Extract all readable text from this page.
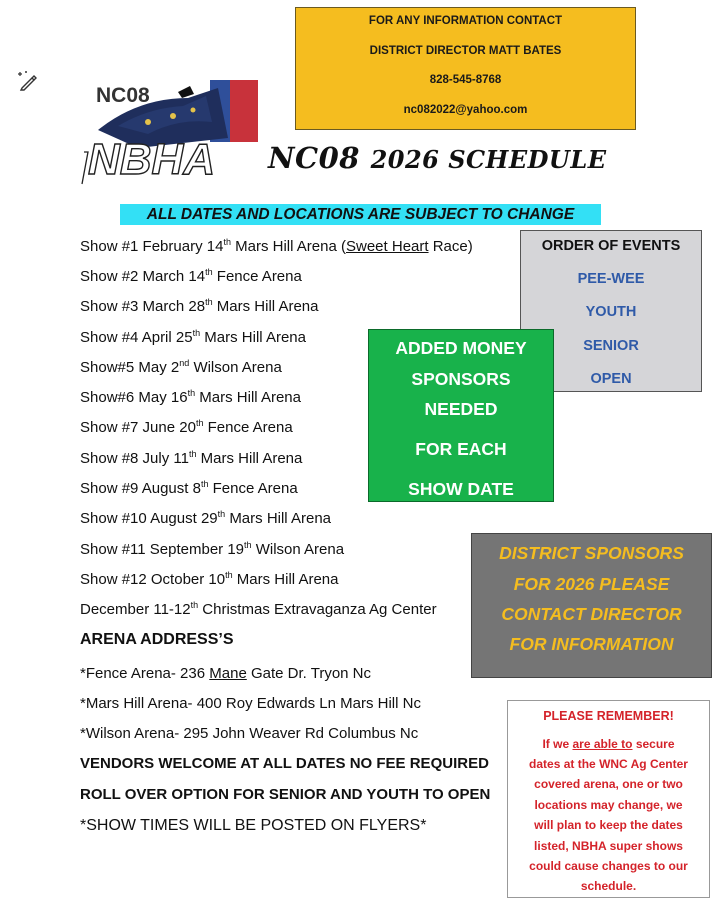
FOR ANY INFORMATION CONTACT
DISTRICT DIRECTOR MATT BATES
828-545-8768
nc082022@yahoo.com
NC08
NBHA NC08 2026 SCHEDULE
ALL DATES AND LOCATIONS ARE SUBJECT TO CHANGE
Show #1 February 14th Mars Hill Arena (Sweet Heart Race)
Show #2 March 14th Fence Arena
Show #3 March 28th Mars Hill Arena
Show #4 April 25th Mars Hill Arena
Show#5 May 2nd Wilson Arena
Show#6 May 16th Mars Hill Arena
Show #7 June 20th Fence Arena
Show #8 July 11th Mars Hill Arena
Show #9 August 8th Fence Arena
Show #10 August 29th Mars Hill Arena
Show #11 September 19th Wilson Arena
Show #12 October 10th Mars Hill Arena
December 11-12th Christmas Extravaganza Ag Center
ARENA ADDRESS’S
*Fence Arena- 236 Mane Gate Dr. Tryon Nc
*Mars Hill Arena- 400 Roy Edwards Ln Mars Hill Nc
*Wilson Arena- 295 John Weaver Rd Columbus Nc
VENDORS WELCOME AT ALL DATES NO FEE REQUIRED
ROLL OVER OPTION FOR SENIOR AND YOUTH TO OPEN
*SHOW TIMES WILL BE POSTED ON FLYERS*
ORDER OF EVENTS
PEE-WEE
YOUTH
SENIOR
OPEN
ADDED MONEY
SPONSORS
NEEDED
FOR EACH
SHOW DATE
DISTRICT SPONSORS
FOR 2026 PLEASE
CONTACT DIRECTOR
FOR INFORMATION
PLEASE REMEMBER!
If we are able to secure
dates at the WNC Ag Center
covered arena, one or two
locations may change, we
will plan to keep the dates
listed, NBHA super shows
could cause changes to our
schedule.
